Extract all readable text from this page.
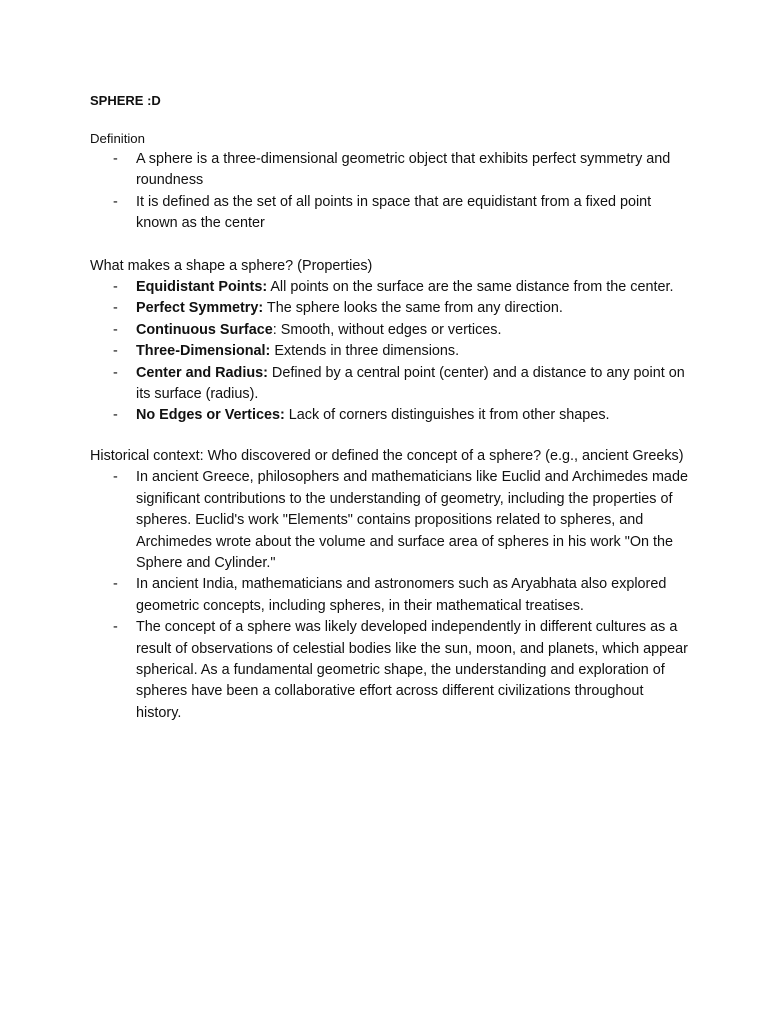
SPHERE :D

Definition
- A sphere is a three-dimensional geometric object that exhibits perfect symmetry and roundness
- It is defined as the set of all points in space that are equidistant from a fixed point known as the center
What makes a shape a sphere? (Properties)
- Equidistant Points: All points on the surface are the same distance from the center.
- Perfect Symmetry: The sphere looks the same from any direction.
- Continuous Surface: Smooth, without edges or vertices.
- Three-Dimensional: Extends in three dimensions.
- Center and Radius: Defined by a central point (center) and a distance to any point on its surface (radius).
- No Edges or Vertices: Lack of corners distinguishes it from other shapes.
Historical context: Who discovered or defined the concept of a sphere? (e.g., ancient Greeks)
- In ancient Greece, philosophers and mathematicians like Euclid and Archimedes made significant contributions to the understanding of geometry, including the properties of spheres. Euclid's work "Elements" contains propositions related to spheres, and Archimedes wrote about the volume and surface area of spheres in his work "On the Sphere and Cylinder."
- In ancient India, mathematicians and astronomers such as Aryabhata also explored geometric concepts, including spheres, in their mathematical treatises.
- The concept of a sphere was likely developed independently in different cultures as a result of observations of celestial bodies like the sun, moon, and planets, which appear spherical. As a fundamental geometric shape, the understanding and exploration of spheres have been a collaborative effort across different civilizations throughout history.
